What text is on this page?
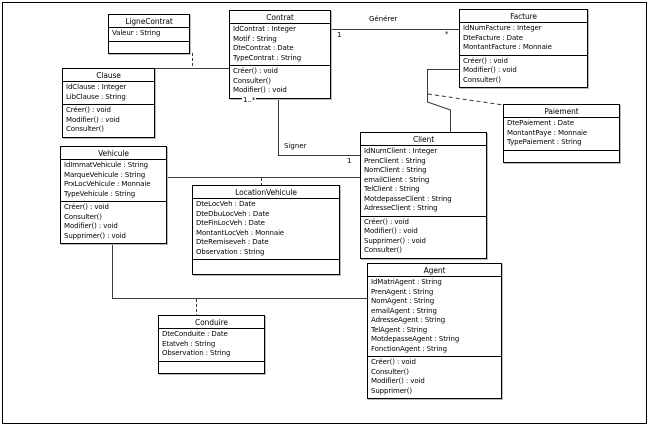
LigneContrat
Valeur : String
Contrat
IdContrat : Integer
Motif : String
DteContrat : Date
TypeContrat : String
Créer() : void
Consulter()
Modifier() : void
Facture
IdNumFacture : Integer
DteFacture : Date
MontantFacture : Monnaie
Créer() : void
Modifier() : void
Consulter()
Clause
IdClause : Integer
LibClause : String
Créer() : void
Modifier() : void
Consulter()
Paiement
DtePaiement : Date
MontantPaye : Monnaie
TypePaiement : String
Vehicule
IdImmatVehicule : String
MarqueVehicule : String
PrxLocVehicule : Monnaie
TypeVehicule : String
Créer() : void
Consulter()
Modifier() : void
Supprimer() : void
Client
IdNumClient : Integer
PrenClient : String
NomClient : String
emailClient : String
TelClient : String
MotdepasseClient : String
AdresseClient : String
Créer() : void
Modifier() : void
Supprimer() : void
Consulter()
LocationVehicule
DteLocVeh : Date
DteDbuLocVeh : Date
DteFinLocVeh : Date
MontantLocVeh : Monnaie
DteRemiseveh : Date
Observation : String
Agent
IdMatriAgent : String
PrenAgent : String
NomAgent : String
emailAgent : String
AdresseAgent : String
TelAgent : String
MotdepasseAgent : String
FonctionAgent : String
Créer() : void
Consulter()
Modifier() : void
Supprimer()
Conduire
DteConduite : Date
Etatveh : String
Observation : String
Générer
1	*
1..*
Signer
1
